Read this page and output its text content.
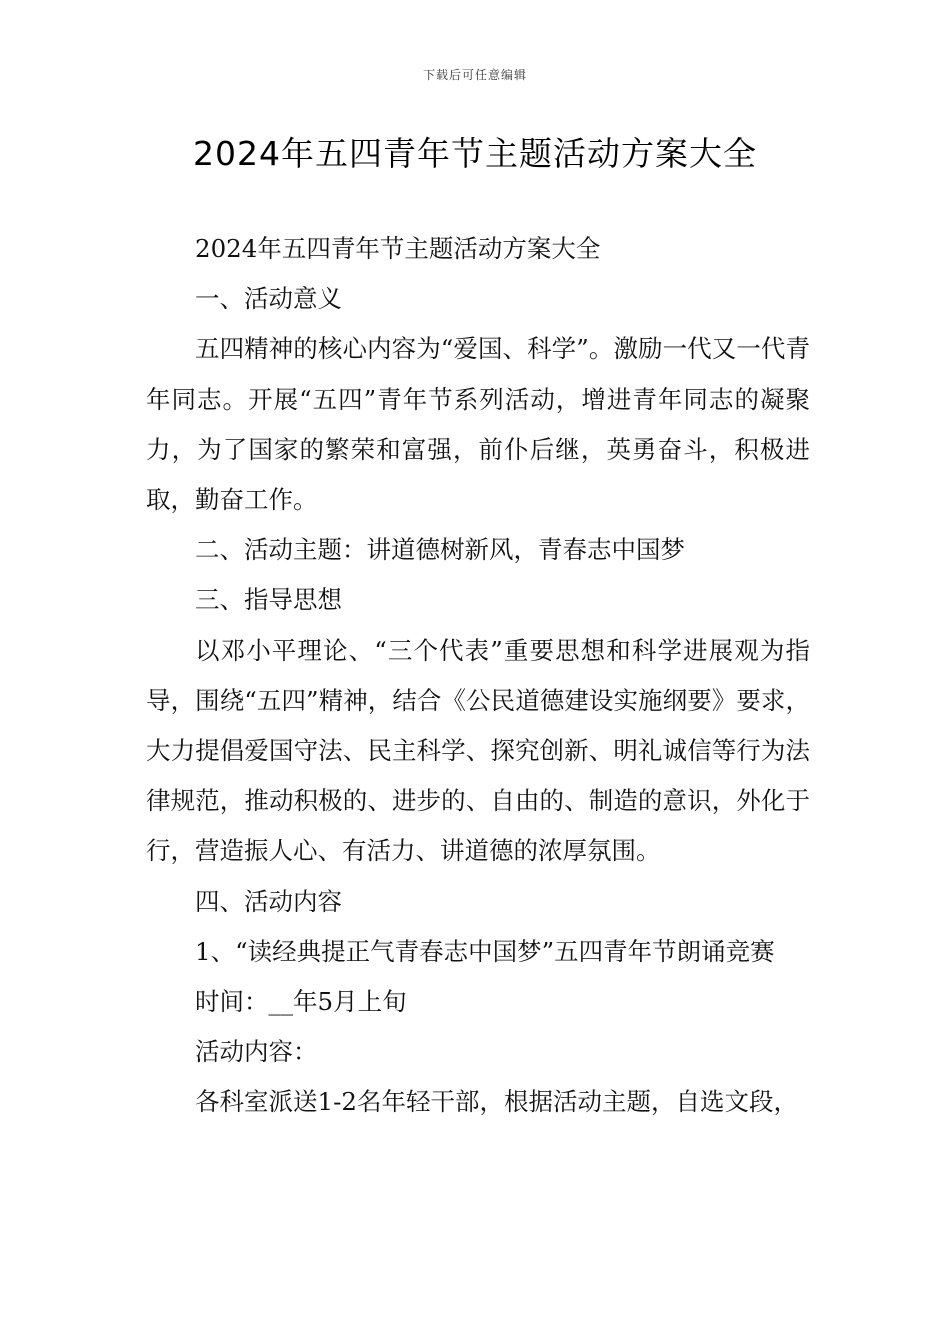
下载后可任意编辑
2024年五四青年节主题活动方案大全

2024年五四青年节主题活动方案大全

一、活动意义

五四精神的核心内容为“爱国、科学”。激励一代又一代青年同志。开展“五四”青年节系列活动，增进青年同志的凝聚力，为了国家的繁荣和富强，前仆后继，英勇奋斗，积极进取，勤奋工作。

二、活动主题：讲道德树新风，青春志中国梦

三、指导思想

以邓小平理论、“三个代表”重要思想和科学进展观为指导，围绕“五四”精神，结合《公民道德建设实施纲要》要求，大力提倡爱国守法、民主科学、探究创新、明礼诚信等行为法律规范，推动积极的、进步的、自由的、制造的意识，外化于行，营造振人心、有活力、讲道德的浓厚氛围。

四、活动内容

1、“读经典提正气青春志中国梦”五四青年节朗诵竞赛

时间：__年5月上旬

活动内容：

各科室派送1-2名年轻干部，根据活动主题，自选文段，
